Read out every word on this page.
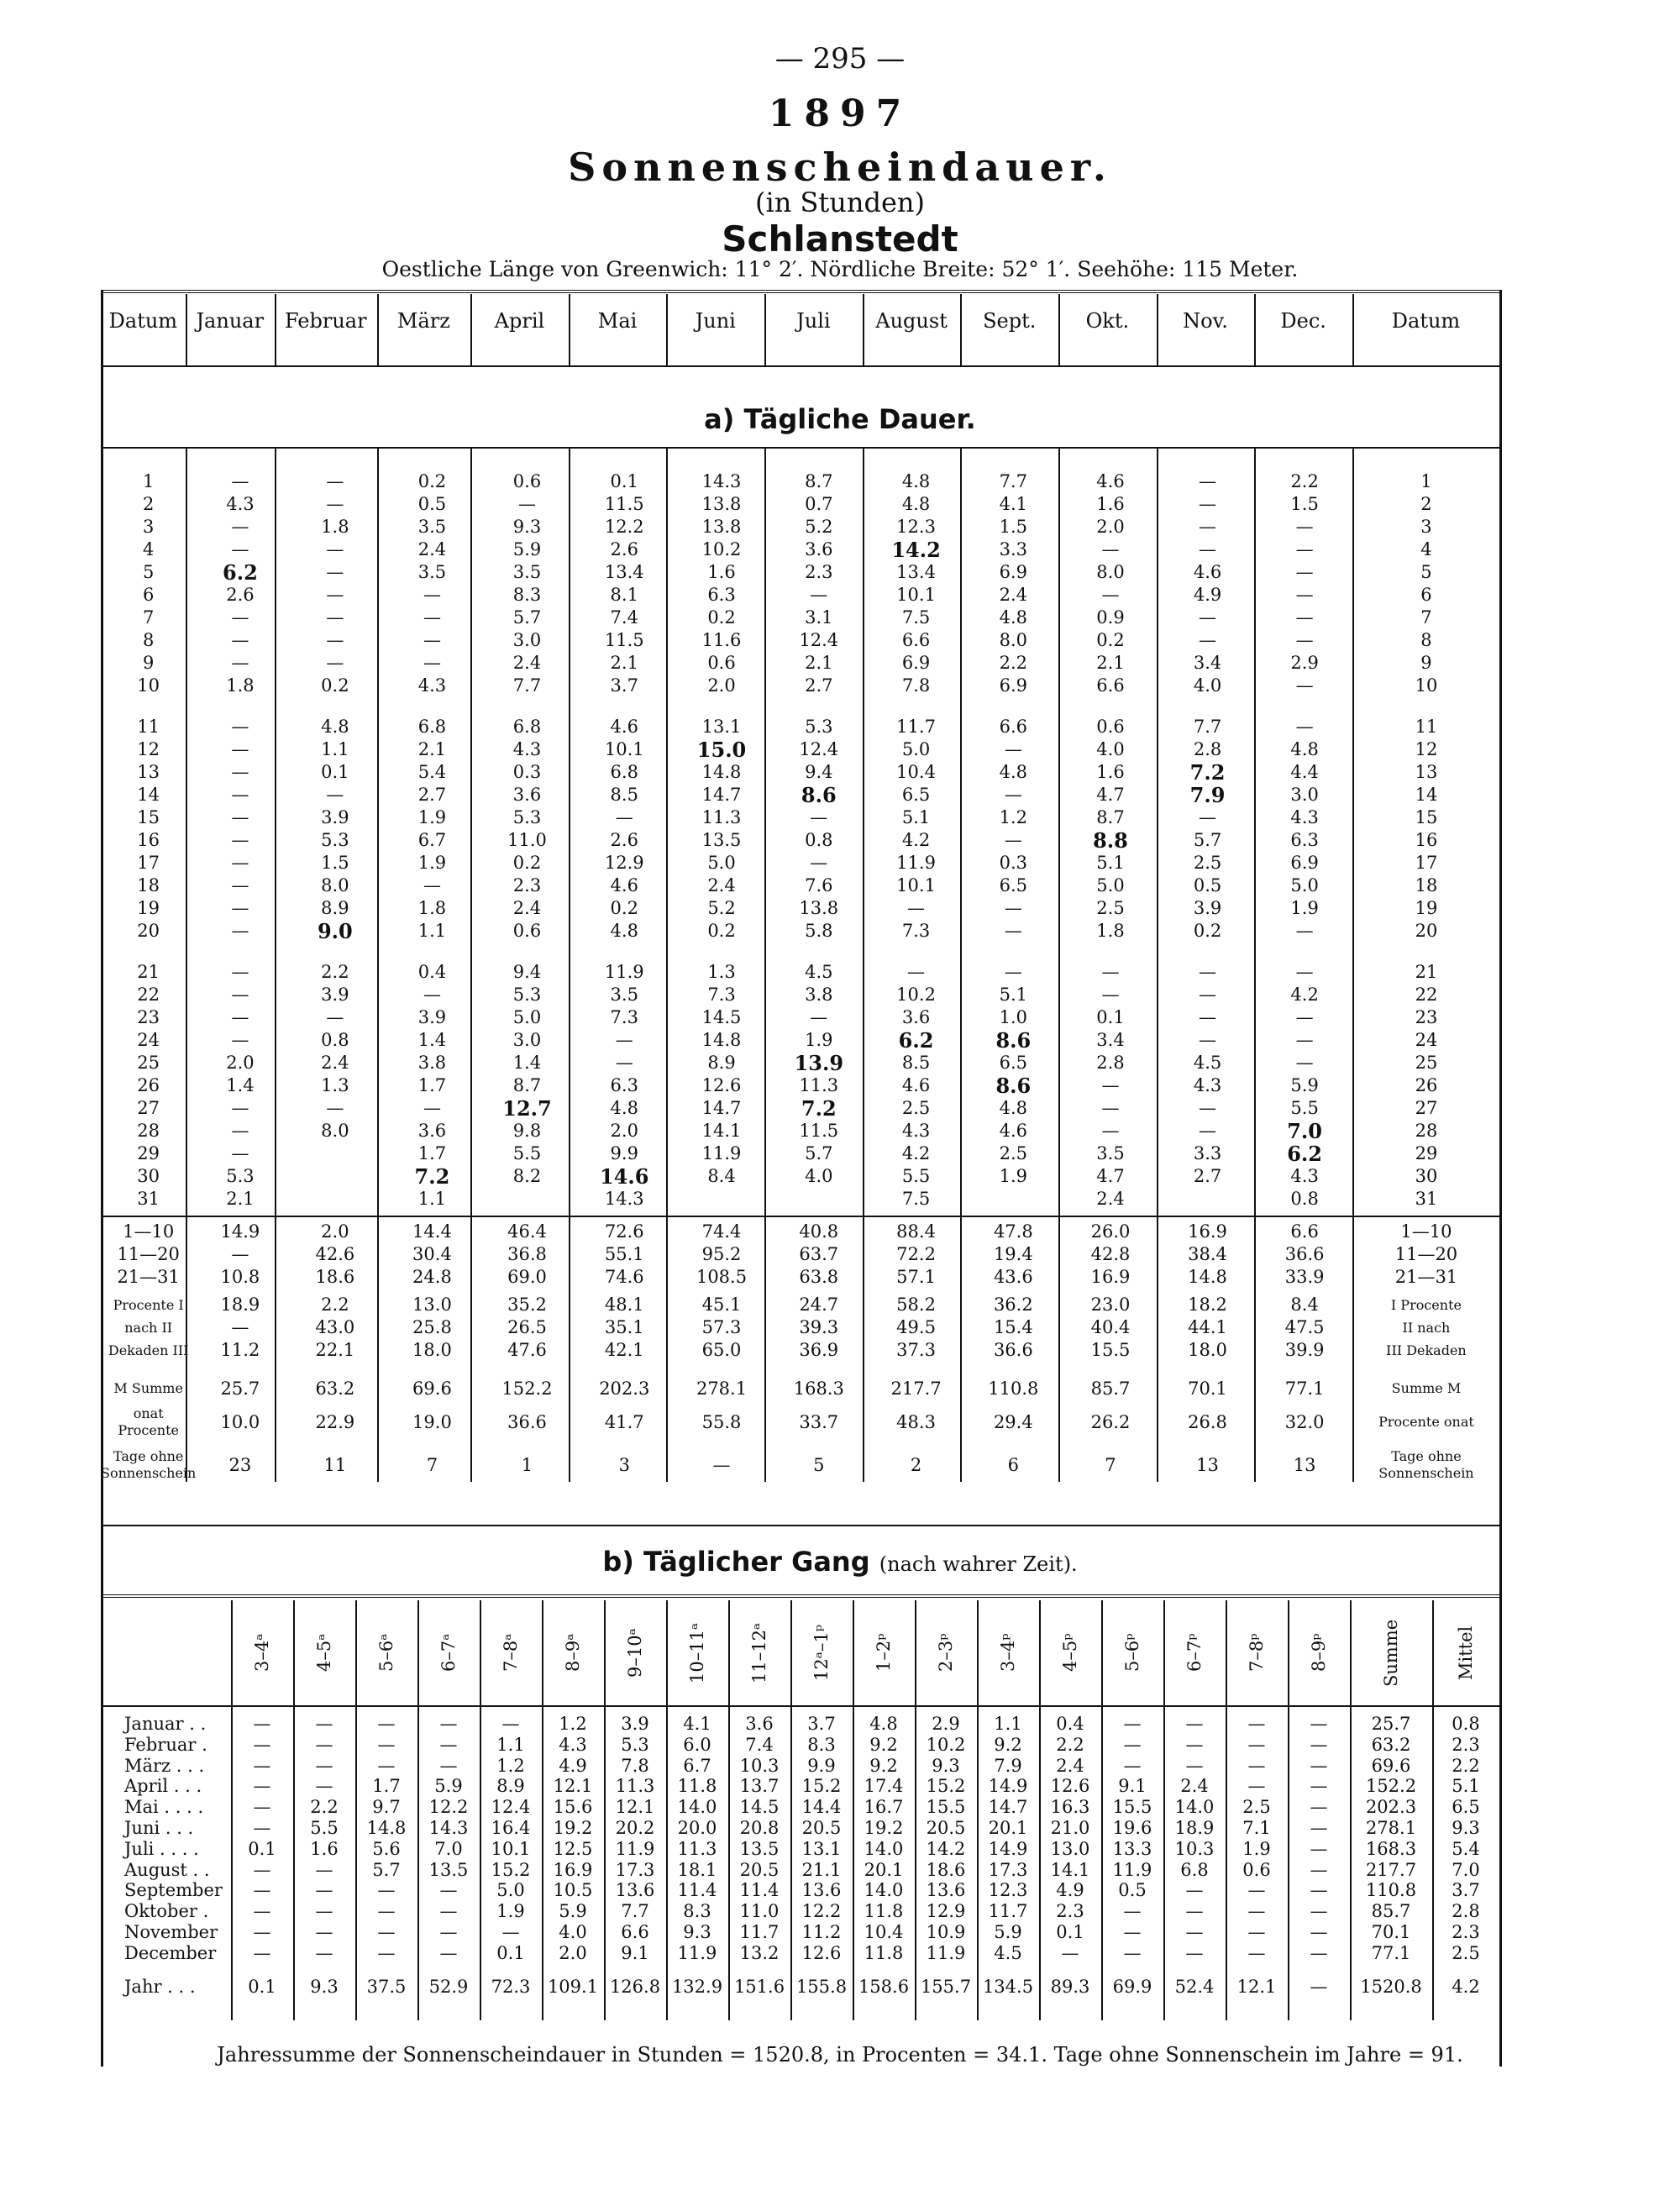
— 295 —
1897
Sonnenscheindauer.
(in Stunden)
Schlanstedt
Oestliche Länge von Greenwich: 11° 2′. Nördliche Breite: 52° 1′. Seehöhe: 115 Meter.
Datum Januar	Februar	März	April	Mai	Juni	Juli	August	Sept.	Okt.	Nov.	Dec.	Datum
a) Tägliche Dauer.
1	—	—	0.2	0.6	0.1	14.3	8.7	4.8	7.7	4.6	—	2.2	1
2	4.3	—	0.5	—	11.5	13.8	0.7	4.8	4.1	1.6	—	1.5	2
3	—	1.8	3.5	9.3	12.2	13.8	5.2	12.3	1.5	2.0	—	—	3
4	—	—	2.4	5.9	2.6	10.2	3.6	14.2	3.3	—	—	—	4
5	6.2	—	3.5	3.5	13.4	1.6	2.3	13.4	6.9	8.0	4.6	—	5
6	2.6	—	—	8.3	8.1	6.3	—	10.1	2.4	—	4.9	—	6
7	—	—	—	5.7	7.4	0.2	3.1	7.5	4.8	0.9	—	—	7
8	—	—	—	3.0	11.5	11.6	12.4	6.6	8.0	0.2	—	—	8
9	—	—	—	2.4	2.1	0.6	2.1	6.9	2.2	2.1	3.4	2.9	9
10	1.8	0.2	4.3	7.7	3.7	2.0	2.7	7.8	6.9	6.6	4.0	—	10

11	—	4.8	6.8	6.8	4.6	13.1	5.3	11.7	6.6	0.6	7.7	—	11
12	—	1.1	2.1	4.3	10.1	15.0	12.4	5.0	—	4.0	2.8	4.8	12
13	—	0.1	5.4	0.3	6.8	14.8	9.4	10.4	4.8	1.6	7.2	4.4	13
14	—	—	2.7	3.6	8.5	14.7	8.6	6.5	—	4.7	7.9	3.0	14
15	—	3.9	1.9	5.3	—	11.3	—	5.1	1.2	8.7	—	4.3	15
16	—	5.3	6.7	11.0	2.6	13.5	0.8	4.2	—	8.8	5.7	6.3	16
17	—	1.5	1.9	0.2	12.9	5.0	—	11.9	0.3	5.1	2.5	6.9	17
18	—	8.0	—	2.3	4.6	2.4	7.6	10.1	6.5	5.0	0.5	5.0	18
19	—	8.9	1.8	2.4	0.2	5.2	13.8	—	—	2.5	3.9	1.9	19
20	—	9.0	1.1	0.6	4.8	0.2	5.8	7.3	—	1.8	0.2	—	20

21	—	2.2	0.4	9.4	11.9	1.3	4.5	—	—	—	—	—	21
22	—	3.9	—	5.3	3.5	7.3	3.8	10.2	5.1	—	—	4.2	22
23	—	—	3.9	5.0	7.3	14.5	—	3.6	1.0	0.1	—	—	23
24	—	0.8	1.4	3.0	—	14.8	1.9	6.2	8.6	3.4	—	—	24
25	2.0	2.4	3.8	1.4	—	8.9	13.9	8.5	6.5	2.8	4.5	—	25
26	1.4	1.3	1.7	8.7	6.3	12.6	11.3	4.6	8.6	—	4.3	5.9	26
27	—	—	—	12.7	4.8	14.7	7.2	2.5	4.8	—	—	5.5	27
28	—	8.0	3.6	9.8	2.0	14.1	11.5	4.3	4.6	—	—	7.0	28
29	—		1.7	5.5	9.9	11.9	5.7	4.2	2.5	3.5	3.3	6.2	29
30	5.3		7.2	8.2	14.6	8.4	4.0	5.5	1.9	4.7	2.7	4.3	30
31	2.1		1.1		14.3			7.5		2.4		0.8	31

1—10	14.9	2.0	14.4	46.4	72.6	74.4	40.8	88.4	47.8	26.0	16.9	6.6	1—10
11—20	—	42.6	30.4	36.8	55.1	95.2	63.7	72.2	19.4	42.8	38.4	36.6	11—20
21—31	10.8	18.6	24.8	69.0	74.6	108.5	63.8	57.1	43.6	16.9	14.8	33.9	21—31

Procente I	18.9	2.2	13.0	35.2	48.1	45.1	24.7	58.2	36.2	23.0	18.2	8.4	I Procente
nach II	—	43.0	25.8	26.5	35.1	57.3	39.3	49.5	15.4	40.4	44.1	47.5	II nach
Dekaden III	11.2	22.1	18.0	47.6	42.1	65.0	36.9	37.3	36.6	15.5	18.0	39.9	III Dekaden

M Summe	25.7	63.2	69.6	152.2	202.3	278.1	168.3	217.7	110.8	85.7	70.1	77.1	Summe M
onat Procente	10.0	22.9	19.0	36.6	41.7	55.8	33.7	48.3	29.4	26.2	26.8	32.0	Procente onat

Tage ohne Sonnenschein	23	11	7	1	3	—	5	2	6	7	13	13	Tage ohne Sonnenschein
b) Täglicher Gang (nach wahrer Zeit).
3–4ᵃ 4–5ᵃ 5–6ᵃ 6–7ᵃ 7–8ᵃ 8–9ᵃ 9–10ᵃ 10–11ᵃ 11–12ᵃ 12ᵃ–1ᵖ 1–2ᵖ 2–3ᵖ 3–4ᵖ 4–5ᵖ 5–6ᵖ 6–7ᵖ 7–8ᵖ 8–9ᵖ	Summe	Mittel
Januar . .	—	—	—	—	—	1.2	3.9	4.1	3.6	3.7	4.8	2.9	1.1	0.4	—	—	—	—	25.7	0.8
Februar .	—	—	—	—	1.1	4.3	5.3	6.0	7.4	8.3	9.2	10.2	9.2	2.2	—	—	—	—	63.2	2.3
März . . .	—	—	—	—	1.2	4.9	7.8	6.7	10.3	9.9	9.2	9.3	7.9	2.4	—	—	—	—	69.6	2.2
April . . .	—	—	1.7	5.9	8.9	12.1	11.3	11.8	13.7	15.2	17.4	15.2	14.9	12.6	9.1	2.4	—	—	152.2	5.1
Mai . . . .	—	2.2	9.7	12.2	12.4	15.6	12.1	14.0	14.5	14.4	16.7	15.5	14.7	16.3	15.5	14.0	2.5	—	202.3	6.5
Juni . . .	—	5.5	14.8	14.3	16.4	19.2	20.2	20.0	20.8	20.5	19.2	20.5	20.1	21.0	19.6	18.9	7.1	—	278.1	9.3
Juli . . . .	0.1	1.6	5.6	7.0	10.1	12.5	11.9	11.3	13.5	13.1	14.0	14.2	14.9	13.0	13.3	10.3	1.9	—	168.3	5.4
August . .	—	—	5.7	13.5	15.2	16.9	17.3	18.1	20.5	21.1	20.1	18.6	17.3	14.1	11.9	6.8	0.6	—	217.7	7.0
September	—	—	—	—	5.0	10.5	13.6	11.4	11.4	13.6	14.0	13.6	12.3	4.9	0.5	—	—	—	110.8	3.7
Oktober .	—	—	—	—	1.9	5.9	7.7	8.3	11.0	12.2	11.8	12.9	11.7	2.3	—	—	—	—	85.7	2.8
November	—	—	—	—	—	4.0	6.6	9.3	11.7	11.2	10.4	10.9	5.9	0.1	—	—	—	—	70.1	2.3
December	—	—	—	—	0.1	2.0	9.1	11.9	13.2	12.6	11.8	11.9	4.5	—	—	—	—	—	77.1	2.5

Jahr . . .	0.1	9.3	37.5	52.9	72.3	109.1	126.8	132.9	151.6	155.8	158.6	155.7	134.5	89.3	69.9	52.4	12.1	—	1520.8	4.2
Jahressumme der Sonnenscheindauer in Stunden = 1520.8, in Procenten = 34.1. Tage ohne Sonnenschein im Jahre = 91.
